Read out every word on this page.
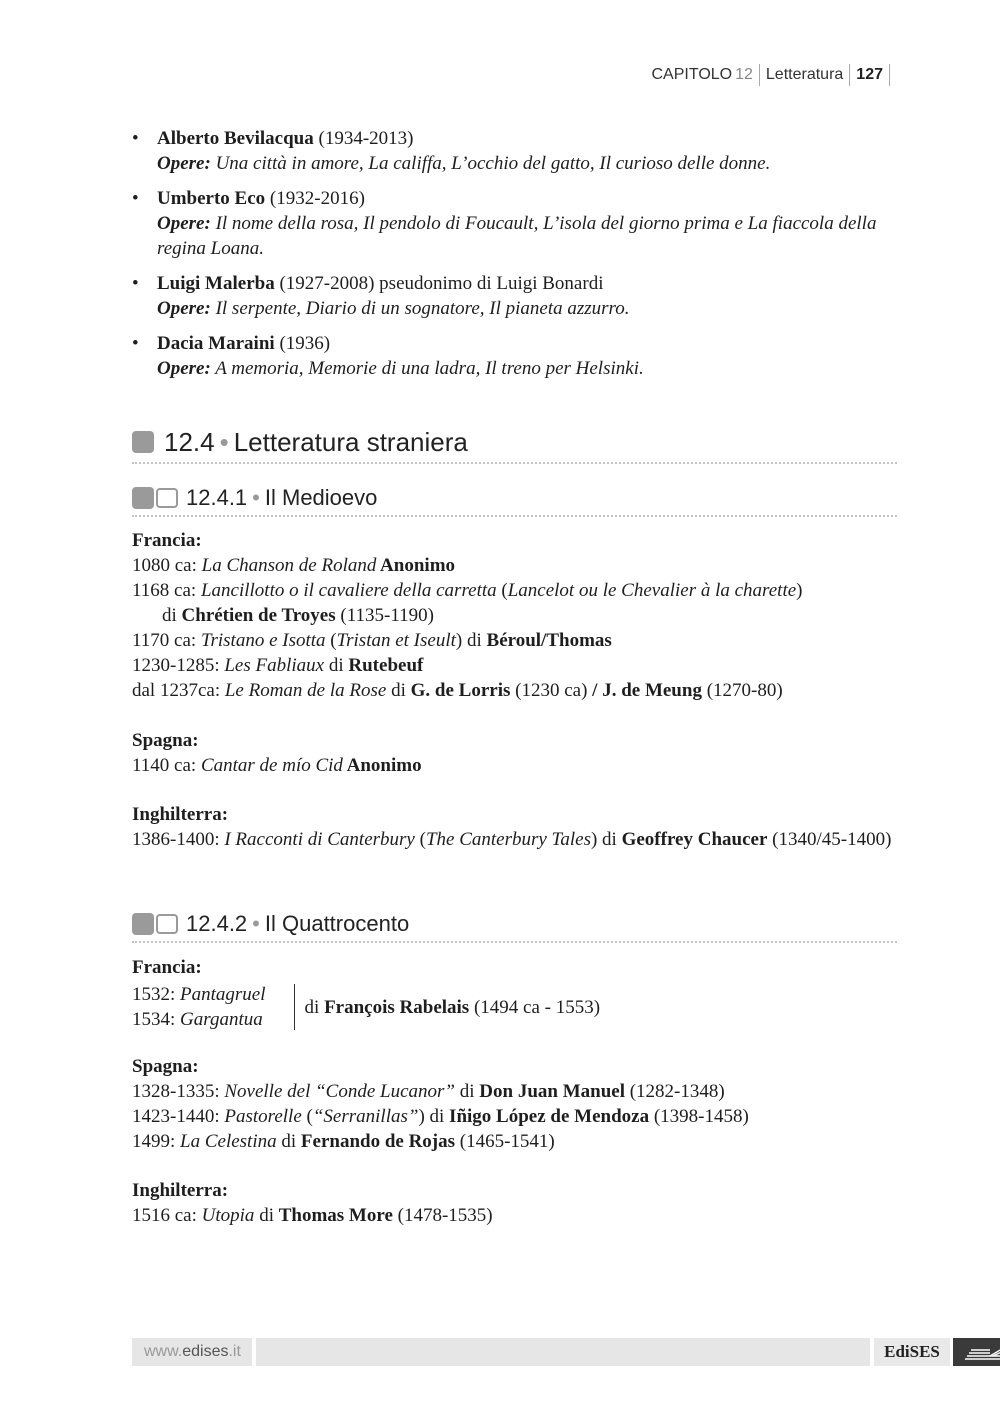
CAPITOLO 12 Letteratura 127
• Alberto Bevilacqua (1934-2013)
Opere: Una città in amore, La califfa, L’occhio del gatto, Il curioso delle donne.
• Umberto Eco (1932-2016)
Opere: Il nome della rosa, Il pendolo di Foucault, L’isola del giorno prima e La fiaccola della regina Loana.
• Luigi Malerba (1927-2008) pseudonimo di Luigi Bonardi
Opere: Il serpente, Diario di un sognatore, Il pianeta azzurro.
• Dacia Maraini (1936)
Opere: A memoria, Memorie di una ladra, Il treno per Helsinki.
12.4 • Letteratura straniera
12.4.1 • Il Medioevo
Francia:
1080 ca: La Chanson de Roland Anonimo
1168 ca: Lancillotto o il cavaliere della carretta (Lancelot ou le Chevalier à la charette)
di Chrétien de Troyes (1135-1190)
1170 ca: Tristano e Isotta (Tristan et Iseult) di Béroul/Thomas
1230-1285: Les Fabliaux di Rutebeuf
dal 1237ca: Le Roman de la Rose di G. de Lorris (1230 ca) / J. de Meung (1270-80)
Spagna:
1140 ca: Cantar de mío Cid Anonimo
Inghilterra:
1386-1400: I Racconti di Canterbury (The Canterbury Tales) di Geoffrey Chaucer (1340/45-1400)
12.4.2 • Il Quattrocento
Francia:
1532: Pantagruel
1534: Gargantua
di François Rabelais (1494 ca - 1553)
Spagna:
1328-1335: Novelle del “Conde Lucanor” di Don Juan Manuel (1282-1348)
1423-1440: Pastorelle (“Serranillas”) di Iñigo López de Mendoza (1398-1458)
1499: La Celestina di Fernando de Rojas (1465-1541)
Inghilterra:
1516 ca: Utopia di Thomas More (1478-1535)
www. edises .it	EdiSES
